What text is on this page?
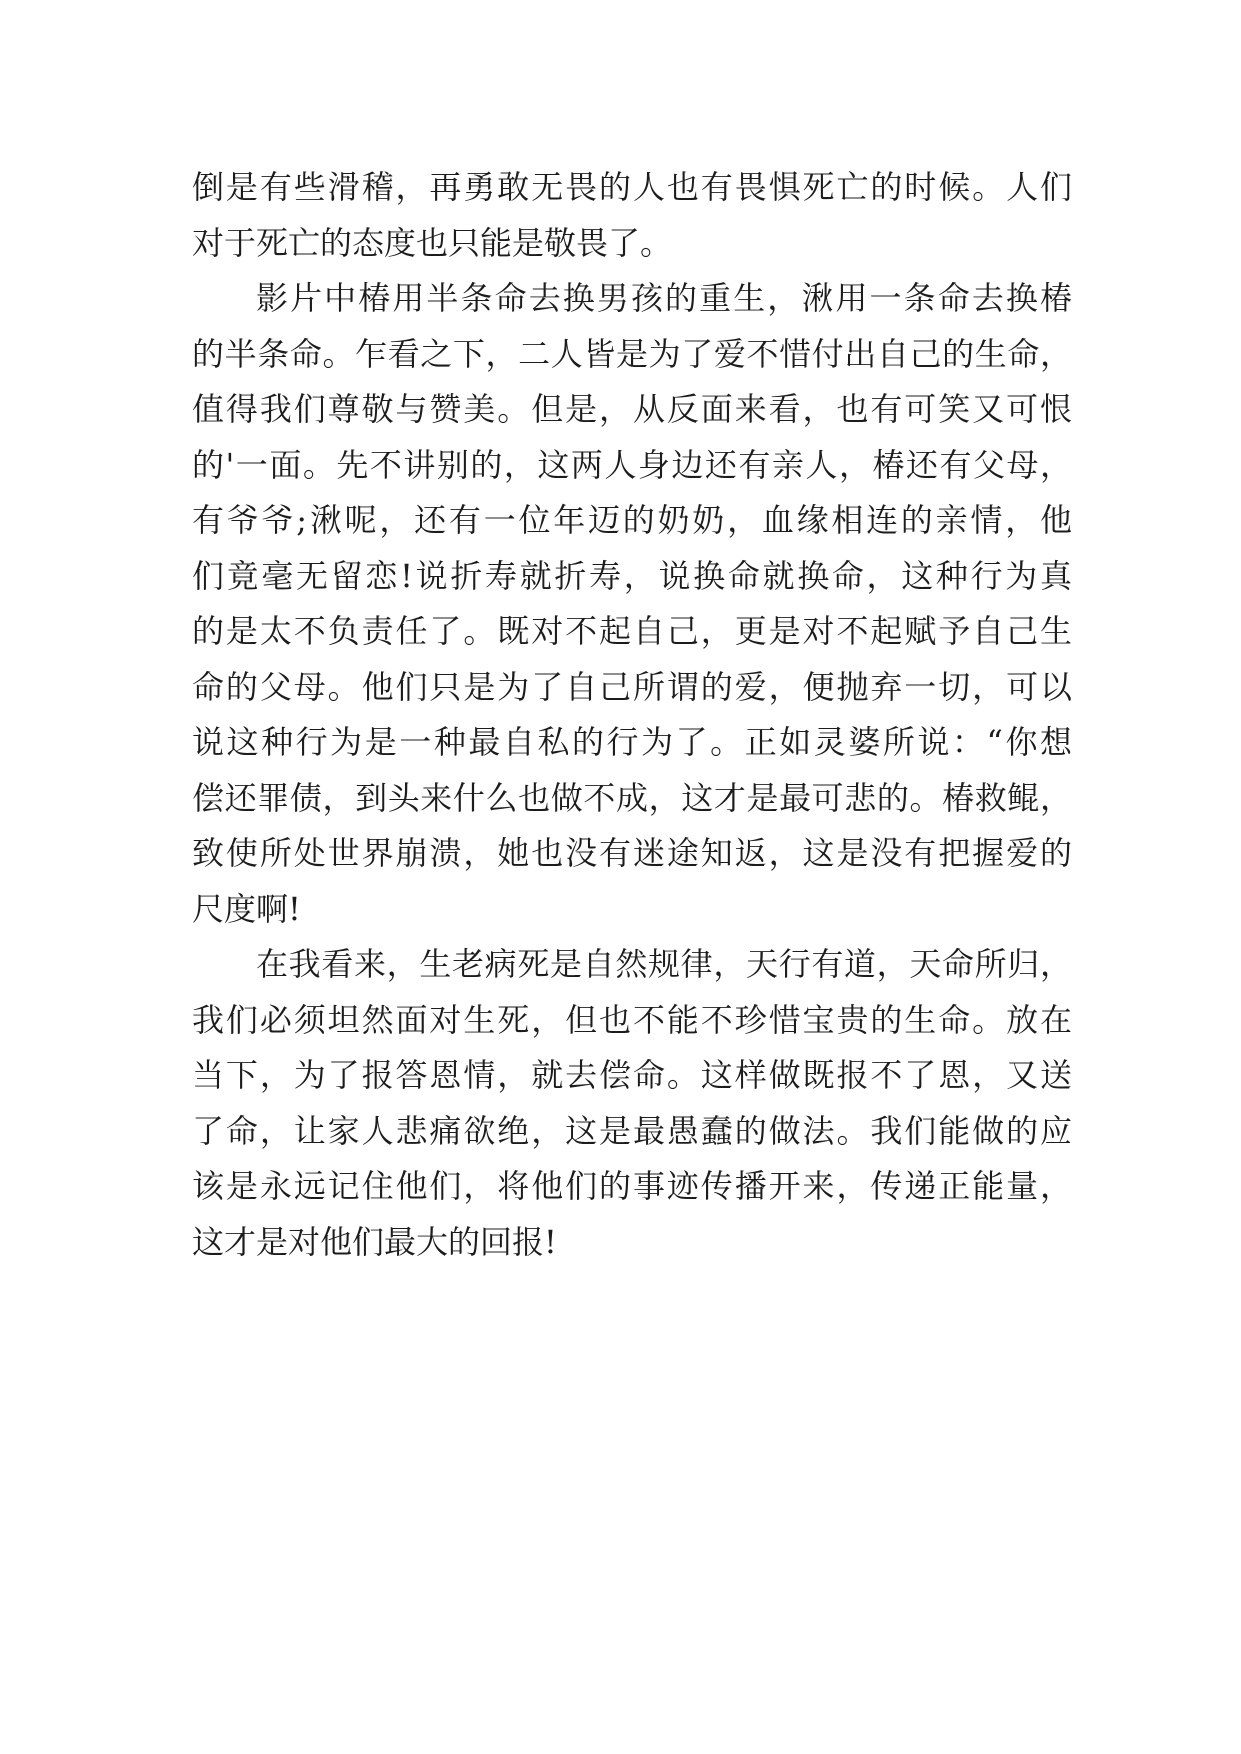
倒是有些滑稽，再勇敢无畏的人也有畏惧死亡的时候。人们
对于死亡的态度也只能是敬畏了。
影片中椿用半条命去换男孩的重生，湫用一条命去换椿
的半条命。乍看之下，二人皆是为了爱不惜付出自己的生命，
值得我们尊敬与赞美。但是，从反面来看，也有可笑又可恨
的'一面。先不讲别的，这两人身边还有亲人，椿还有父母，
有爷爷;湫呢，还有一位年迈的奶奶，血缘相连的亲情，他
们竟毫无留恋!说折寿就折寿，说换命就换命，这种行为真
的是太不负责任了。既对不起自己，更是对不起赋予自己生
命的父母。他们只是为了自己所谓的爱，便抛弃一切，可以
说这种行为是一种最自私的行为了。正如灵婆所说：“你想
偿还罪债，到头来什么也做不成，这才是最可悲的。椿救鲲，
致使所处世界崩溃，她也没有迷途知返，这是没有把握爱的
尺度啊!
在我看来，生老病死是自然规律，天行有道，天命所归，
我们必须坦然面对生死，但也不能不珍惜宝贵的生命。放在
当下，为了报答恩情，就去偿命。这样做既报不了恩，又送
了命，让家人悲痛欲绝，这是最愚蠢的做法。我们能做的应
该是永远记住他们，将他们的事迹传播开来，传递正能量，
这才是对他们最大的回报!
